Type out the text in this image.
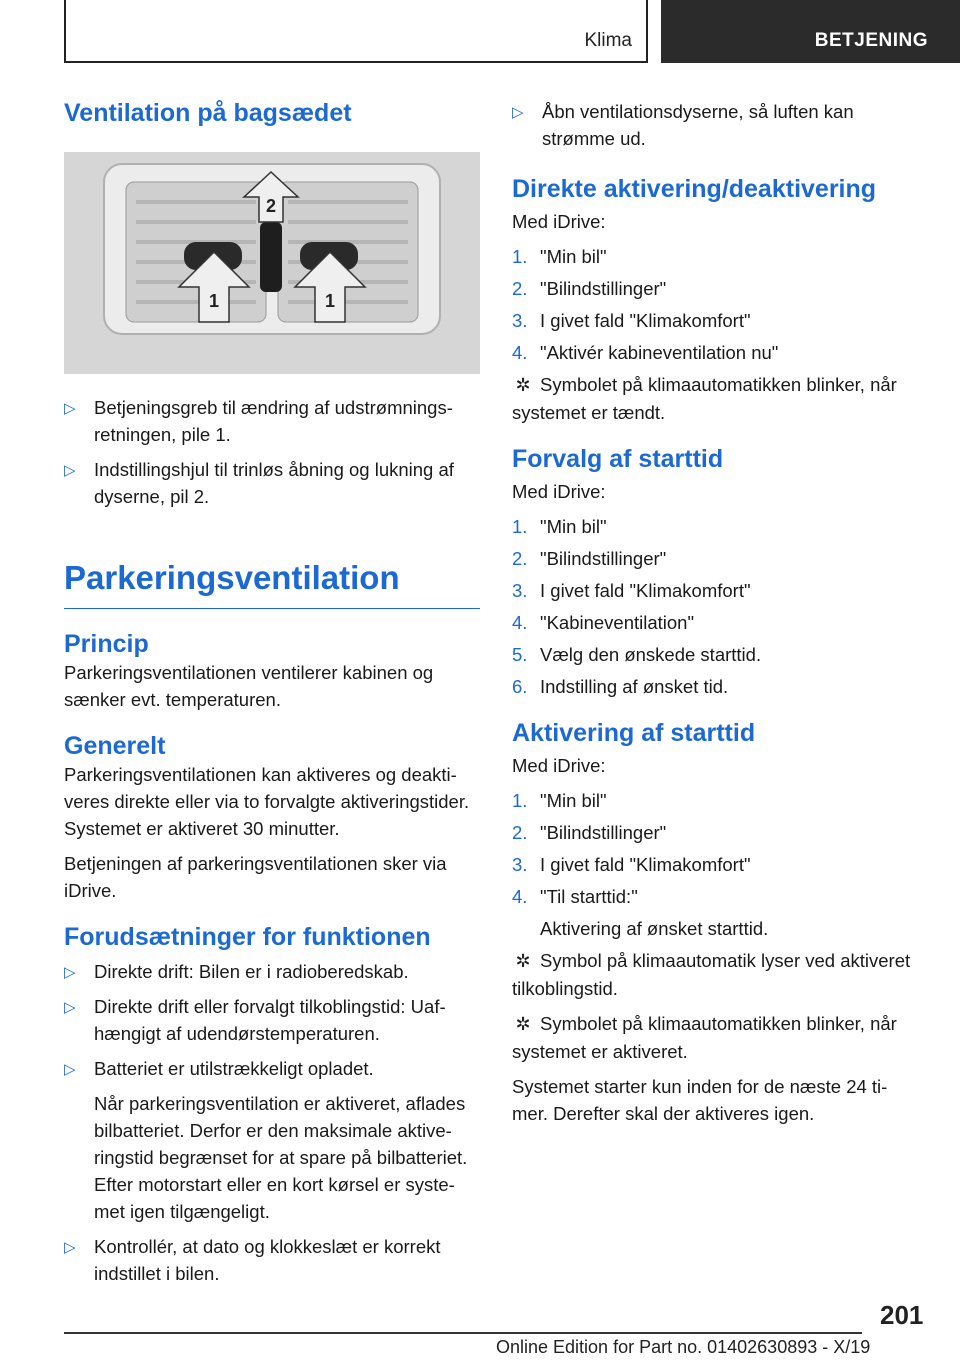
Klima	BETJENING
Ventilation på bagsædet
1	1
2
▷ Betjeningsgreb til ændring af udstrømnings-retningen, pile 1.
▷ Indstillingshjul til trinløs åbning og lukning af dyserne, pil 2.
Parkeringsventilation
Princip

Parkeringsventilationen ventilerer kabinen og sænker evt. temperaturen.

Generelt

Parkeringsventilationen kan aktiveres og deakti-veres direkte eller via to forvalgte aktiveringstider. Systemet er aktiveret 30 minutter.

Betjeningen af parkeringsventilationen sker via iDrive.

Forudsætninger for funktionen
▷ Direkte drift: Bilen er i radioberedskab.
▷ Direkte drift eller forvalgt tilkoblingstid: Uaf-hængigt af udendørstemperaturen.
▷ Batteriet er utilstrækkeligt opladet.
Når parkeringsventilation er aktiveret, aflades bilbatteriet. Derfor er den maksimale aktive-ringstid begrænset for at spare på bilbatteriet. Efter motorstart eller en kort kørsel er syste-met igen tilgængeligt.
▷ Kontrollér, at dato og klokkeslæt er korrekt indstillet i bilen.
▷ Åbn ventilationsdyserne, så luften kan strømme ud.
Direkte aktivering/deaktivering

Med iDrive:

1. "Min bil"
2. "Bilindstillinger"
3. I givet fald "Klimakomfort"
4. "Aktivér kabineventilation nu"

✲ Symbolet på klimaautomatikken blinker, når systemet er tændt.

Forvalg af starttid

Med iDrive:

1. "Min bil"
2. "Bilindstillinger"
3. I givet fald "Klimakomfort"
4. "Kabineventilation"
5. Vælg den ønskede starttid.
6. Indstilling af ønsket tid.
Aktivering af starttid

Med iDrive:

1. "Min bil"
2. "Bilindstillinger"
3. I givet fald "Klimakomfort"
4. "Til starttid:"
Aktivering af ønsket starttid.

✲ Symbol på klimaautomatik lyser ved aktiveret tilkoblingstid.

✲ Symbolet på klimaautomatikken blinker, når systemet er aktiveret.

Systemet starter kun inden for de næste 24 ti-mer. Derefter skal der aktiveres igen.

201
Online Edition for Part no. 01402630893 - X/19
